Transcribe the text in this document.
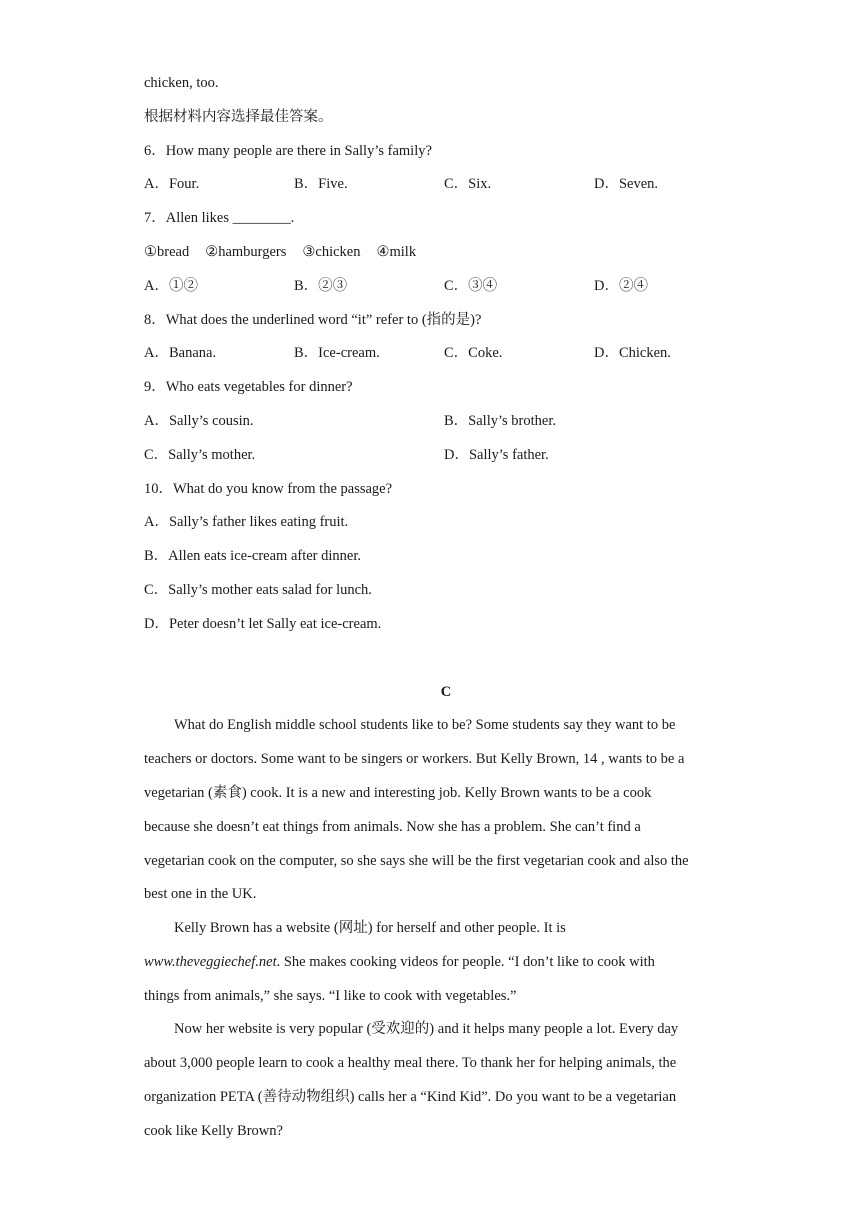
chicken, too.
根据材料内容选择最佳答案。
6．How many people are there in Sally’s family?
A．Four.	B．Five.	C．Six.	D．Seven.
7．Allen likes ________.
①bread ②hamburgers ③chicken ④milk
A．①②	B．②③	C．③④	D．②④
8．What does the underlined word “it” refer to (指的是)?
A．Banana.	B．Ice-cream.	C．Coke.	D．Chicken.
9．Who eats vegetables for dinner?
A．Sally’s cousin.	B．Sally’s brother.
C．Sally’s mother.	D．Sally’s father.
10．What do you know from the passage?
A．Sally’s father likes eating fruit.
B．Allen eats ice-cream after dinner.
C．Sally’s mother eats salad for lunch.
D．Peter doesn’t let Sally eat ice-cream.
C
What do English middle school students like to be? Some students say they want to be
teachers or doctors. Some want to be singers or workers. But Kelly Brown, 14 , wants to be a
vegetarian (素食) cook. It is a new and interesting job. Kelly Brown wants to be a cook
because she doesn’t eat things from animals. Now she has a problem. She can’t find a
vegetarian cook on the computer, so she says she will be the first vegetarian cook and also the
best one in the UK.
Kelly Brown has a website (网址) for herself and other people. It is
www.theveggiechef.net. She makes cooking videos for people. “I don’t like to cook with
things from animals,” she says. “I like to cook with vegetables.”
Now her website is very popular (受欢迎的) and it helps many people a lot. Every day
about 3,000 people learn to cook a healthy meal there. To thank her for helping animals, the
organization PETA (善待动物组织) calls her a “Kind Kid”. Do you want to be a vegetarian
cook like Kelly Brown?
